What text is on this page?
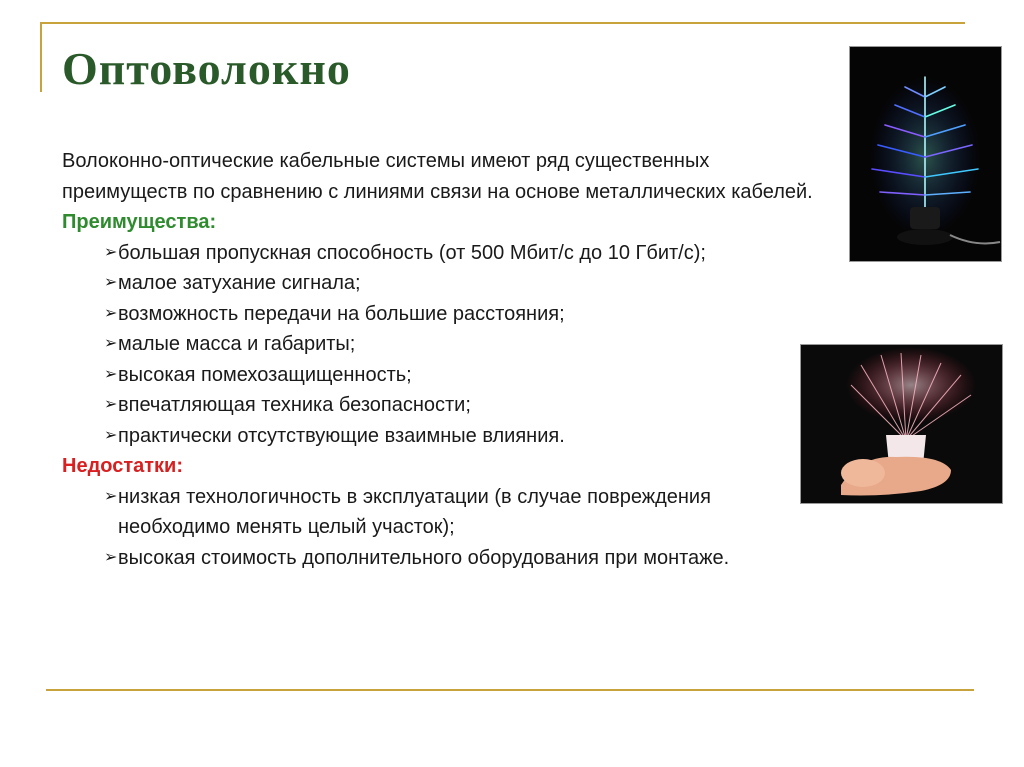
Оптоволокно

Волоконно-оптические кабельные системы имеют ряд существенных преимуществ по сравнению с линиями связи на основе металлических кабелей.

Преимущества:

➢ большая пропускная способность (от 500 Мбит/с до 10 Гбит/с);
➢ малое затухание сигнала;
➢ возможность передачи на большие расстояния;
➢ малые масса и габариты;
➢ высокая помехозащищенность;
➢ впечатляющая техника безопасности;
➢ практически отсутствующие взаимные влияния.

Недостатки:

➢ низкая технологичность в эксплуатации (в случае повреждения необходимо менять целый участок);
➢ высокая стоимость дополнительного оборудования при монтаже.
